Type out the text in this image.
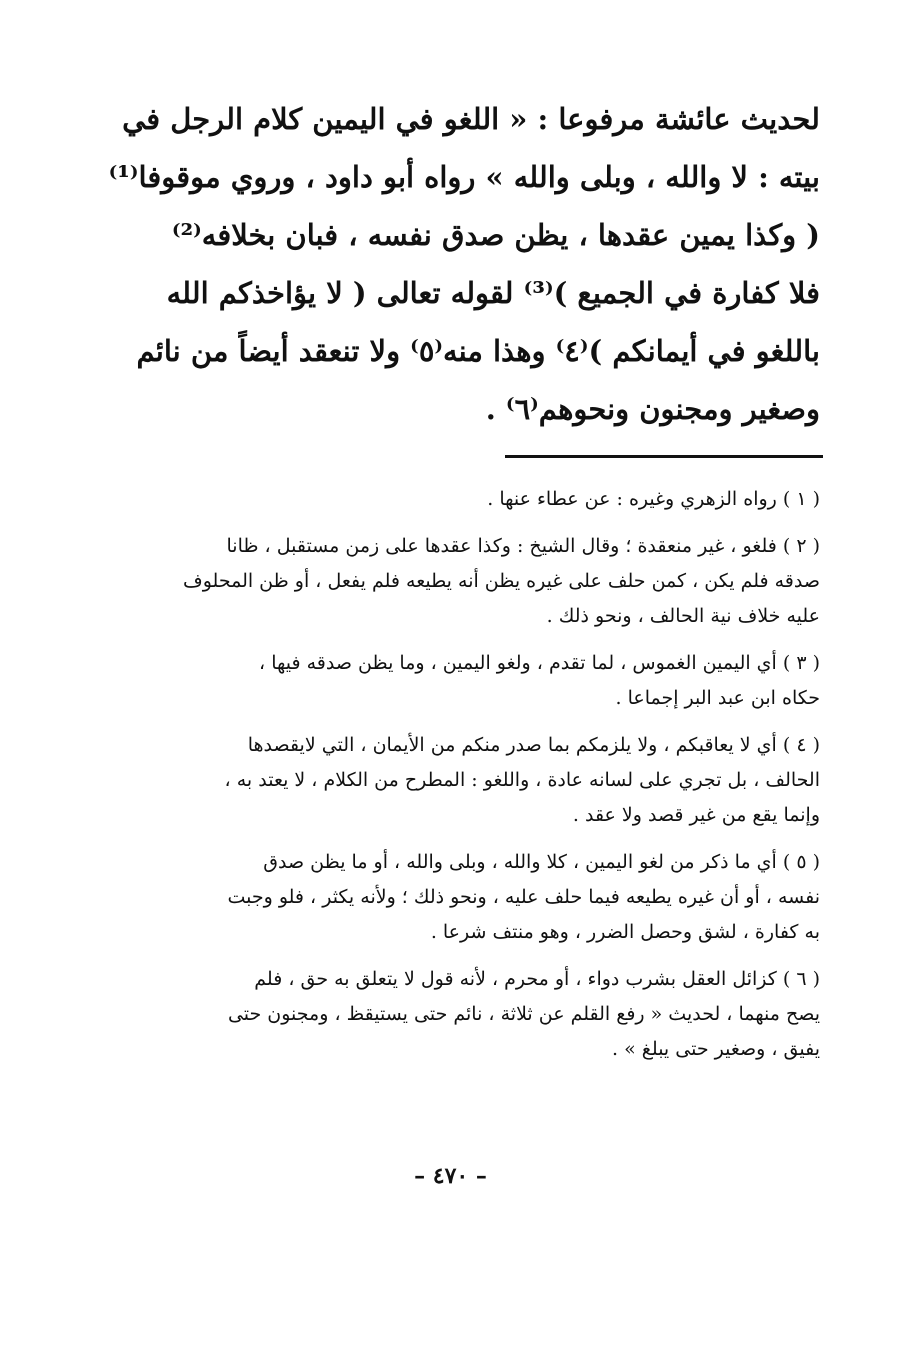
لحديث عائشة مرفوعا : « اللغو في اليمين كلام الرجل في
بيته : لا والله ، وبلى والله » رواه أبو داود ، وروي موقوفا⁽¹⁾
( وكذا يمين عقدها ، يظن صدق نفسه ، فبان بخلافه⁽²⁾
فلا كفارة في الجميع )⁽³⁾ لقوله تعالى ( لا يؤاخذكم الله
باللغو في أيمانكم )⁽٤⁾ وهذا منه⁽٥⁾ ولا تنعقد أيضاً من نائم
وصغير ومجنون ونحوهم⁽٦⁾ .
( ١ ) رواه الزهري وغيره : عن عطاء عنها .
( ٢ ) فلغو ، غير منعقدة ؛ وقال الشيخ : وكذا عقدها على زمن مستقبل ، ظانا
صدقه فلم يكن ، كمن حلف على غيره يظن أنه يطيعه فلم يفعل ، أو ظن المحلوف
عليه خلاف نية الحالف ، ونحو ذلك .
( ٣ ) أي اليمين الغموس ، لما تقدم ، ولغو اليمين ، وما يظن صدقه فيها ،
حكاه ابن عبد البر إجماعا .
( ٤ ) أي لا يعاقبكم ، ولا يلزمكم بما صدر منكم من الأيمان ، التي لايقصدها
الحالف ، بل تجري على لسانه عادة ، واللغو : المطرح من الكلام ، لا يعتد به ،
وإنما يقع من غير قصد ولا عقد .
( ٥ ) أي ما ذكر من لغو اليمين ، كلا والله ، وبلى والله ، أو ما يظن صدق
نفسه ، أو أن غيره يطيعه فيما حلف عليه ، ونحو ذلك ؛ ولأنه يكثر ، فلو وجبت
به كفارة ، لشق وحصل الضرر ، وهو منتف شرعا .
( ٦ ) كزائل العقل بشرب دواء ، أو محرم ، لأنه قول لا يتعلق به حق ، فلم
يصح منهما ، لحديث « رفع القلم عن ثلاثة ، نائم حتى يستيقظ ، ومجنون حتى
يفيق ، وصغير حتى يبلغ » .
– ٤٧٠ –
